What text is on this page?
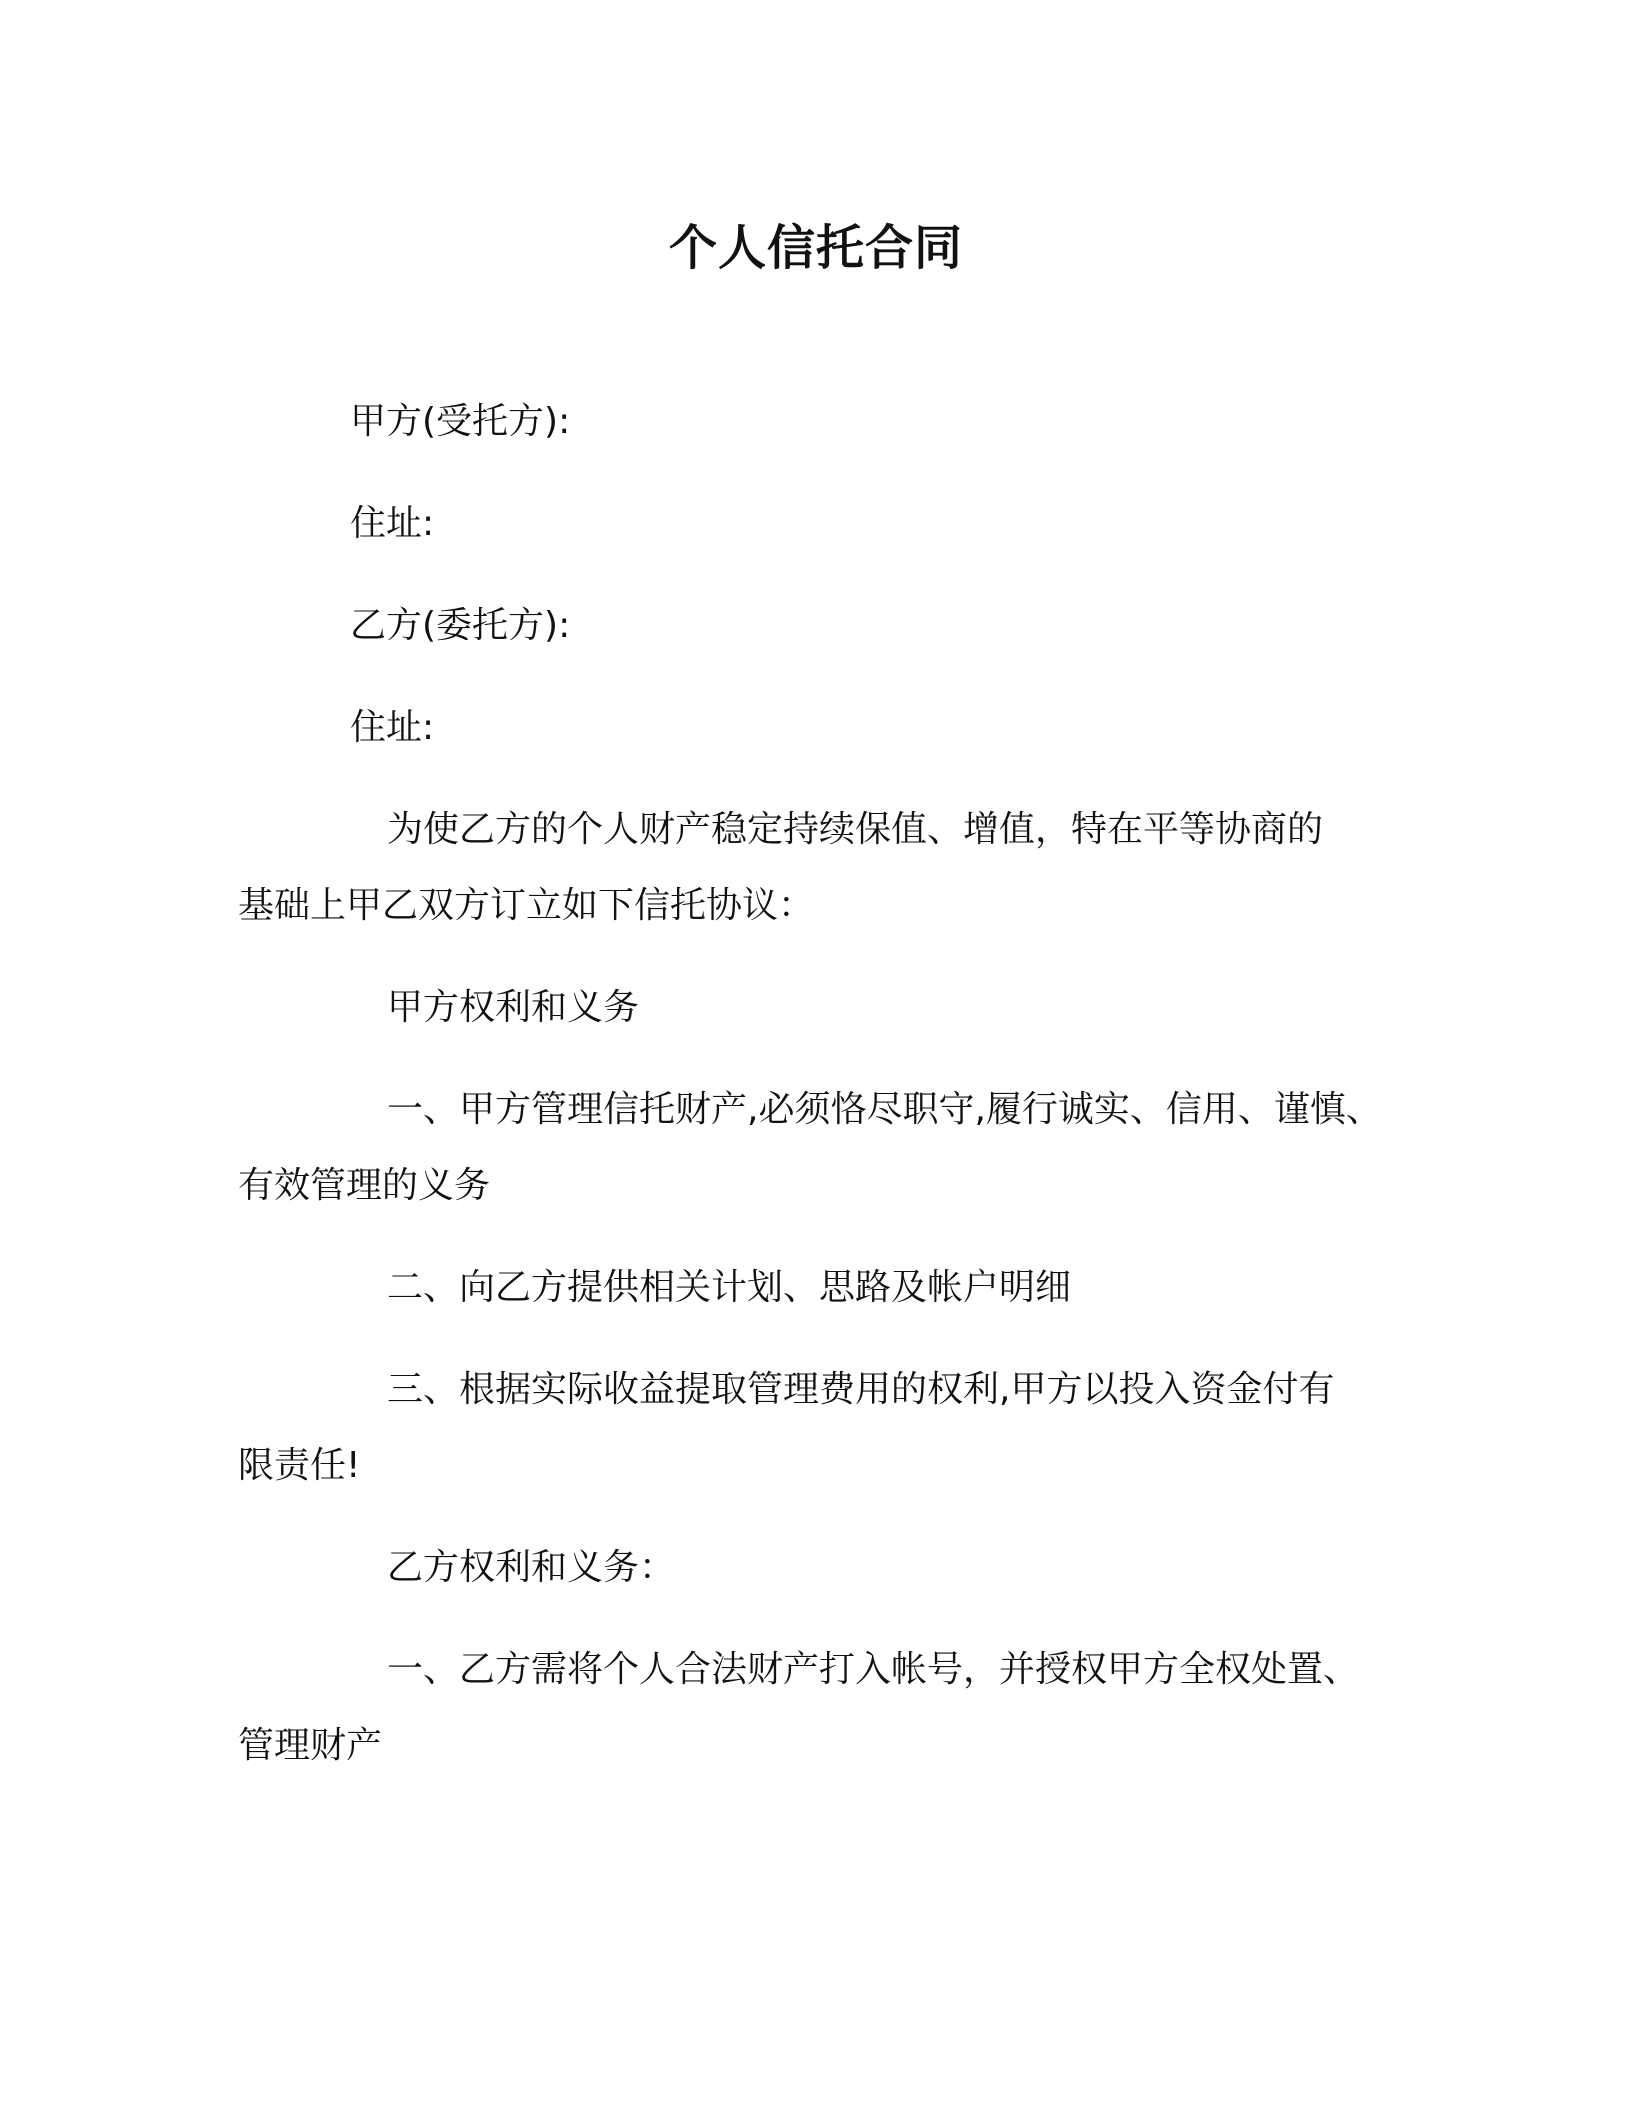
个人信托合同
甲方(受托方):
住址:
乙方(委托方):
住址:
为使乙方的个人财产稳定持续保值、增值，特在平等协商的
基础上甲乙双方订立如下信托协议：
甲方权利和义务
一、甲方管理信托财产,必须恪尽职守,履行诚实、信用、谨慎、
有效管理的义务
二、向乙方提供相关计划、思路及帐户明细
三、根据实际收益提取管理费用的权利,甲方以投入资金付有
限责任!
乙方权利和义务：
一、乙方需将个人合法财产打入帐号，并授权甲方全权处置、
管理财产
